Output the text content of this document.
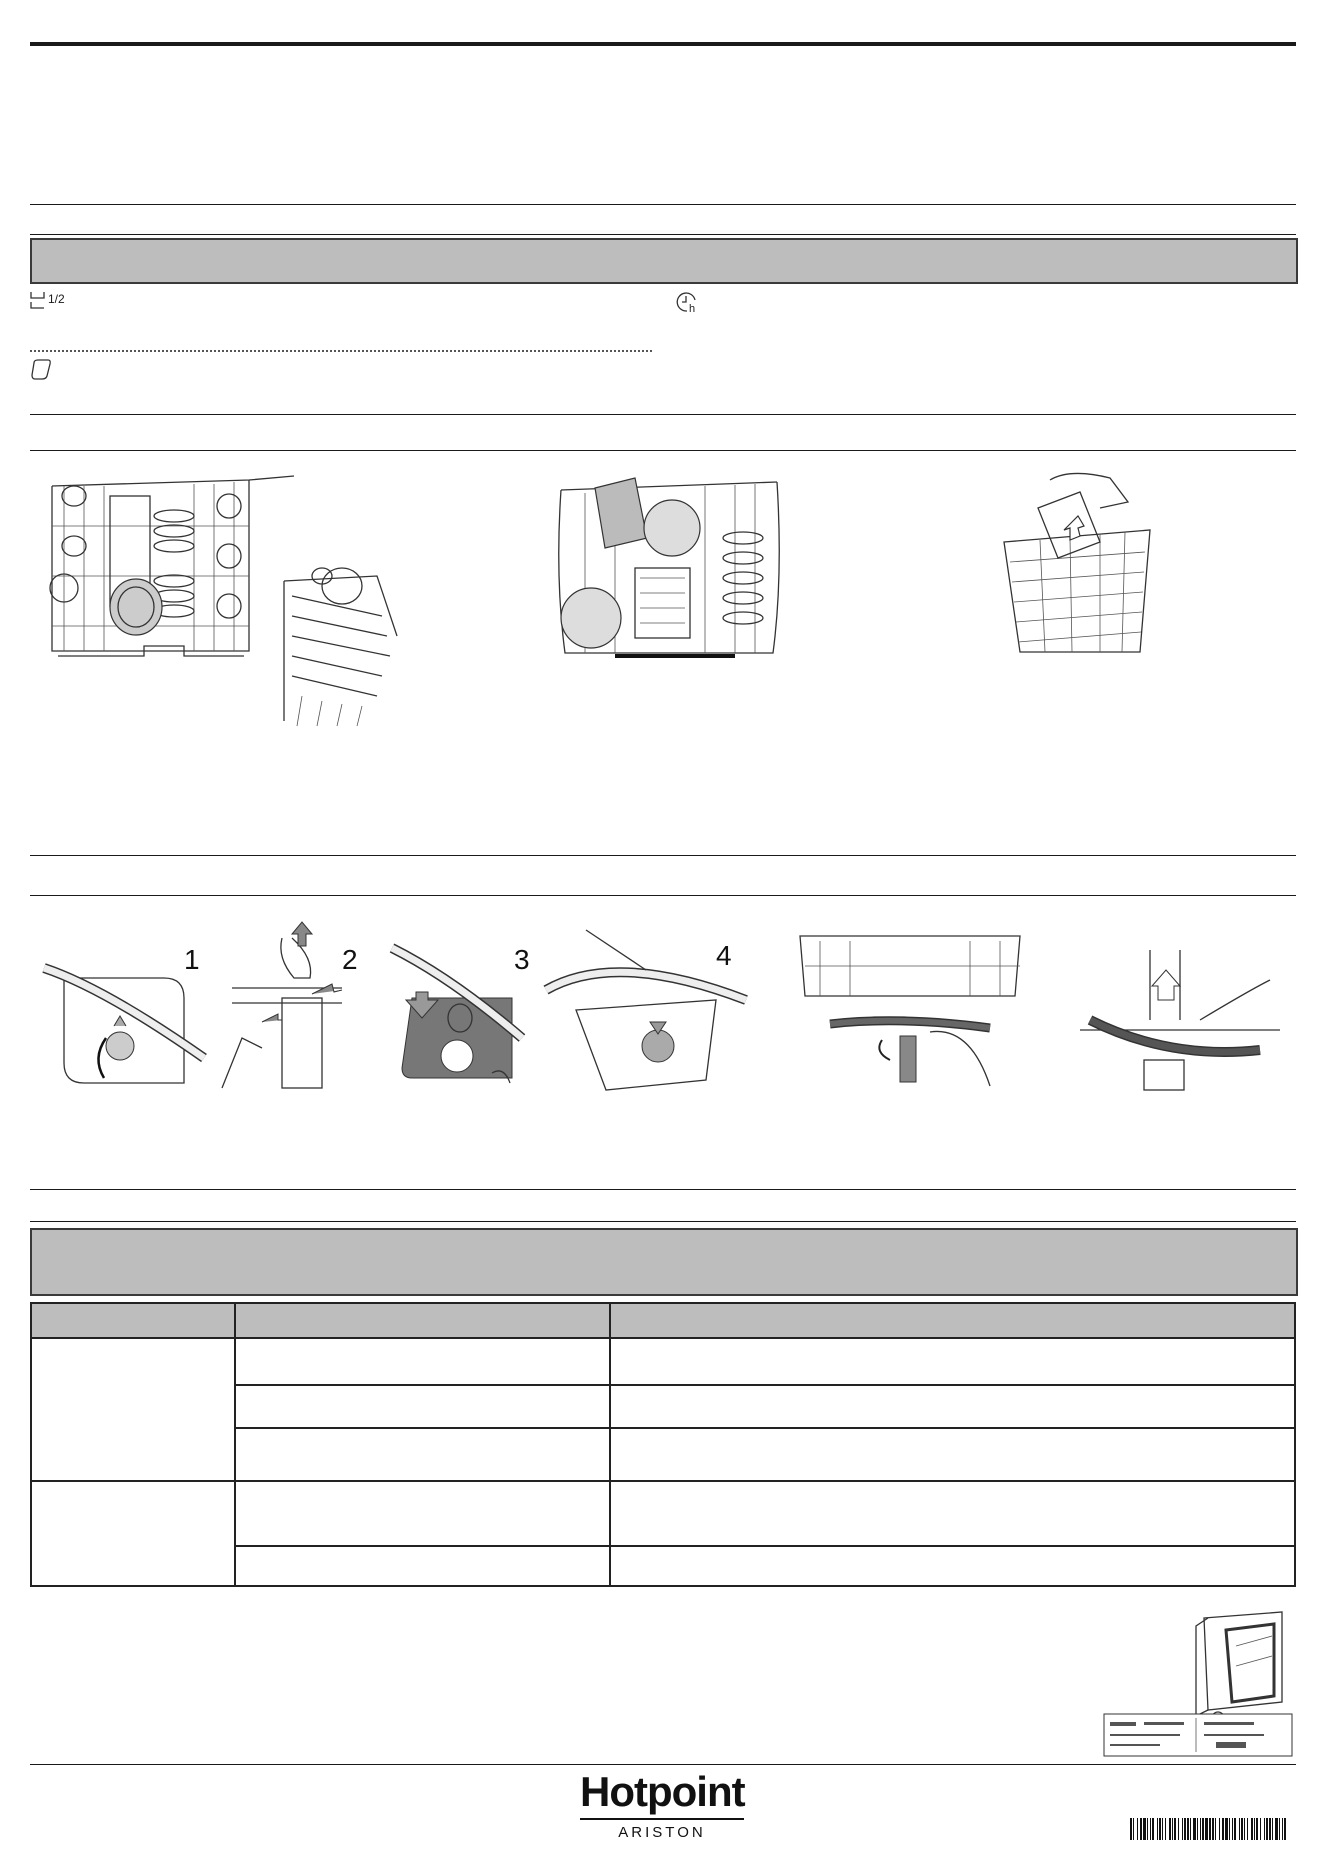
1/2
h
1	2	3	4

Hotpoint
ARISTON
